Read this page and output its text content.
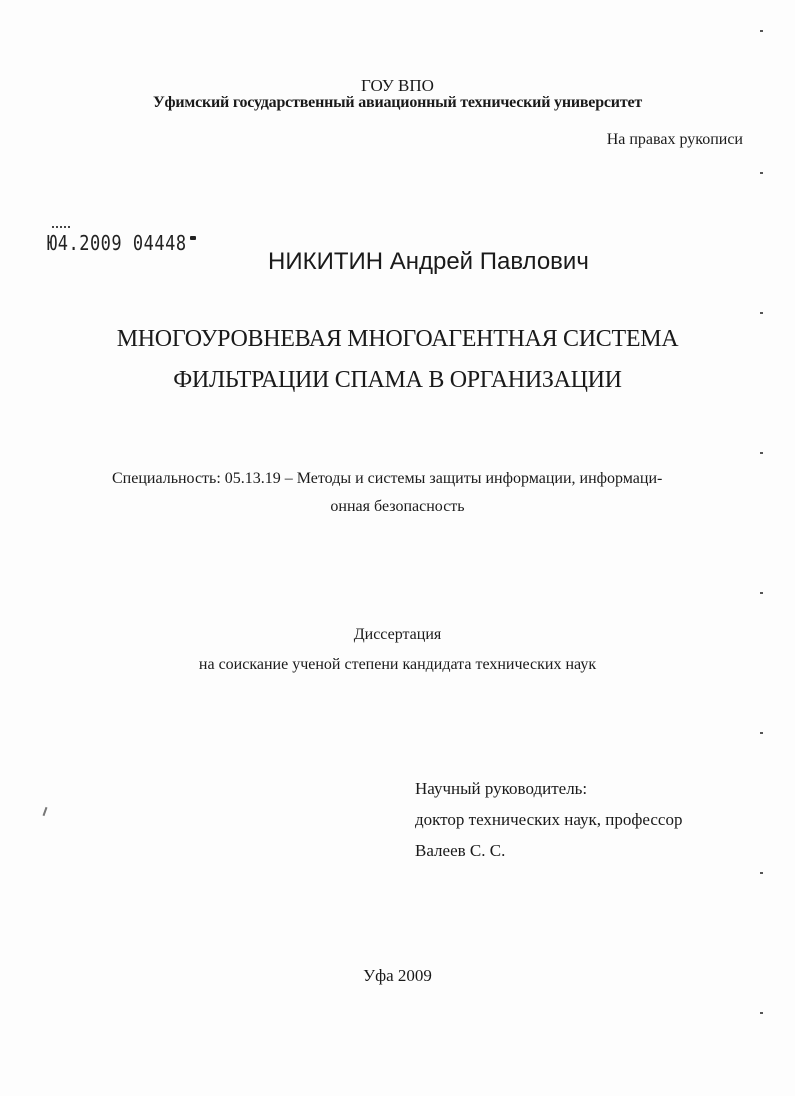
ГОУ ВПО
Уфимский государственный авиационный технический университет
На правах рукописи
Ю4.2009 04448
НИКИТИН Андрей Павлович
МНОГОУРОВНЕВАЯ МНОГОАГЕНТНАЯ СИСТЕМА
ФИЛЬТРАЦИИ СПАМА В ОРГАНИЗАЦИИ
Специальность: 05.13.19 – Методы и системы защиты информации, информаци-
онная безопасность
Диссертация
на соискание ученой степени кандидата технических наук
Научный руководитель:
доктор технических наук, профессор
Валеев С. С.
Уфа 2009
